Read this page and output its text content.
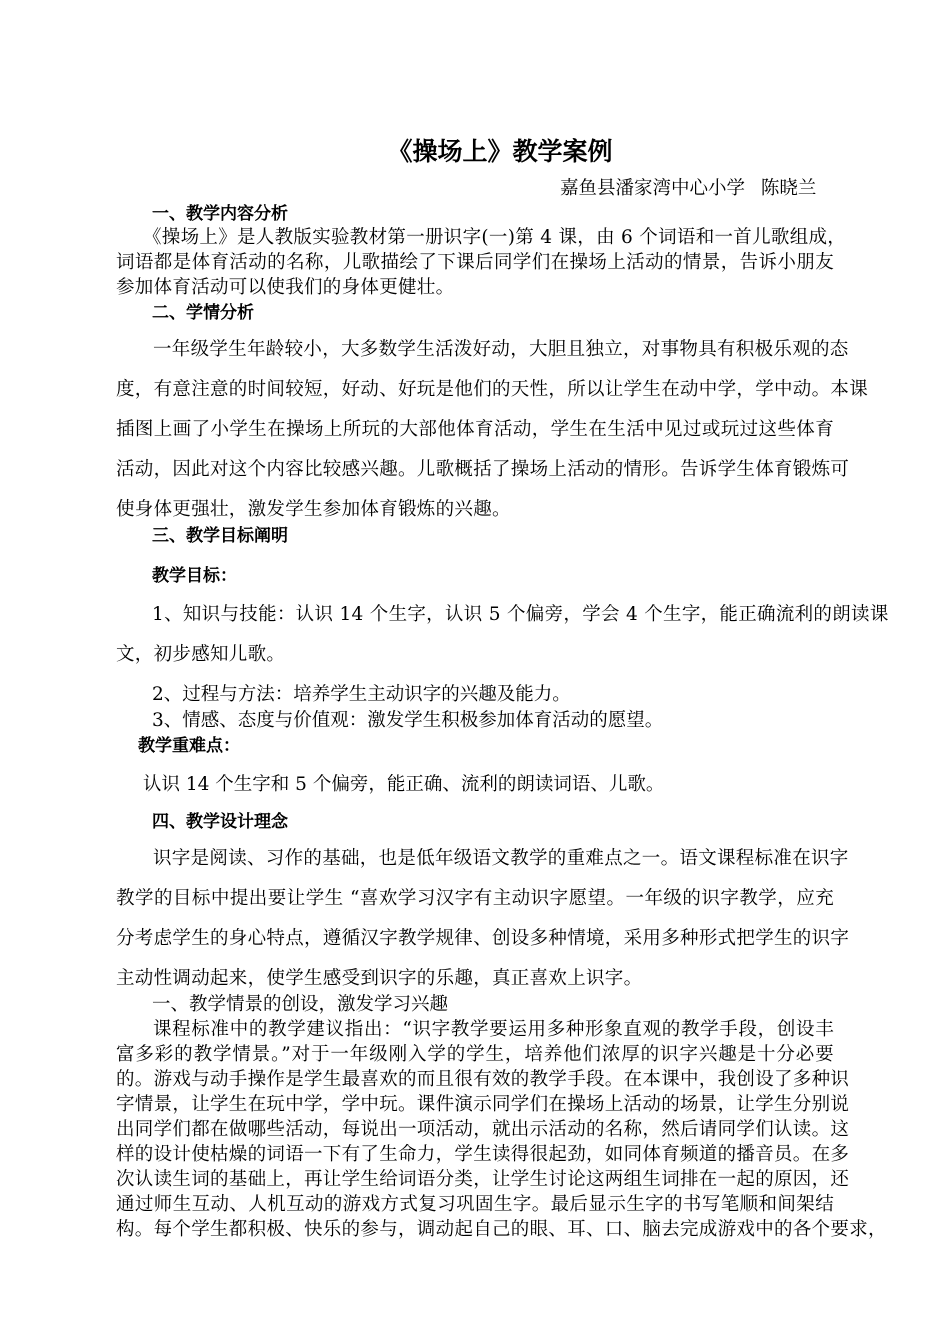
《操场上》教学案例
嘉鱼县潘家湾中心小学 陈晓兰
一、教学内容分析
《操场上》是人教版实验教材第一册识字(一)第 4 课，由 6 个词语和一首儿歌组成，
词语都是体育活动的名称，儿歌描绘了下课后同学们在操场上活动的情景，告诉小朋友
参加体育活动可以使我们的身体更健壮。
二、学情分析
一年级学生年龄较小，大多数学生活泼好动，大胆且独立，对事物具有积极乐观的态
度，有意注意的时间较短，好动、好玩是他们的天性，所以让学生在动中学，学中动。本课
插图上画了小学生在操场上所玩的大部他体育活动，学生在生活中见过或玩过这些体育
活动，因此对这个内容比较感兴趣。儿歌概括了操场上活动的情形。告诉学生体育锻炼可
使身体更强壮，激发学生参加体育锻炼的兴趣。
三、教学目标阐明
教学目标：
1、知识与技能：认识 14 个生字，认识 5 个偏旁，学会 4 个生字，能正确流利的朗读课
文，初步感知儿歌。
2、过程与方法：培养学生主动识字的兴趣及能力。
3、情感、态度与价值观：激发学生积极参加体育活动的愿望。
教学重难点：
认识 14 个生字和 5 个偏旁，能正确、流利的朗读词语、儿歌。
四、教学设计理念
识字是阅读、习作的基础，也是低年级语文教学的重难点之一。语文课程标准在识字
教学的目标中提出要让学生 “喜欢学习汉字有主动识字愿望。一年级的识字教学，应充
分考虑学生的身心特点，遵循汉字教学规律、创设多种情境，采用多种形式把学生的识字
主动性调动起来，使学生感受到识字的乐趣，真正喜欢上识字。
一、教学情景的创设，激发学习兴趣
课程标准中的教学建议指出：“识字教学要运用多种形象直观的教学手段，创设丰
富多彩的教学情景。”对于一年级刚入学的学生，培养他们浓厚的识字兴趣是十分必要
的。游戏与动手操作是学生最喜欢的而且很有效的教学手段。在本课中，我创设了多种识
字情景，让学生在玩中学，学中玩。课件演示同学们在操场上活动的场景，让学生分别说
出同学们都在做哪些活动，每说出一项活动，就出示活动的名称，然后请同学们认读。这
样的设计使枯燥的词语一下有了生命力，学生读得很起劲，如同体育频道的播音员。在多
次认读生词的基础上，再让学生给词语分类，让学生讨论这两组生词排在一起的原因，还
通过师生互动、人机互动的游戏方式复习巩固生字。最后显示生字的书写笔顺和间架结
构。每个学生都积极、快乐的参与，调动起自己的眼、耳、口、脑去完成游戏中的各个要求，
